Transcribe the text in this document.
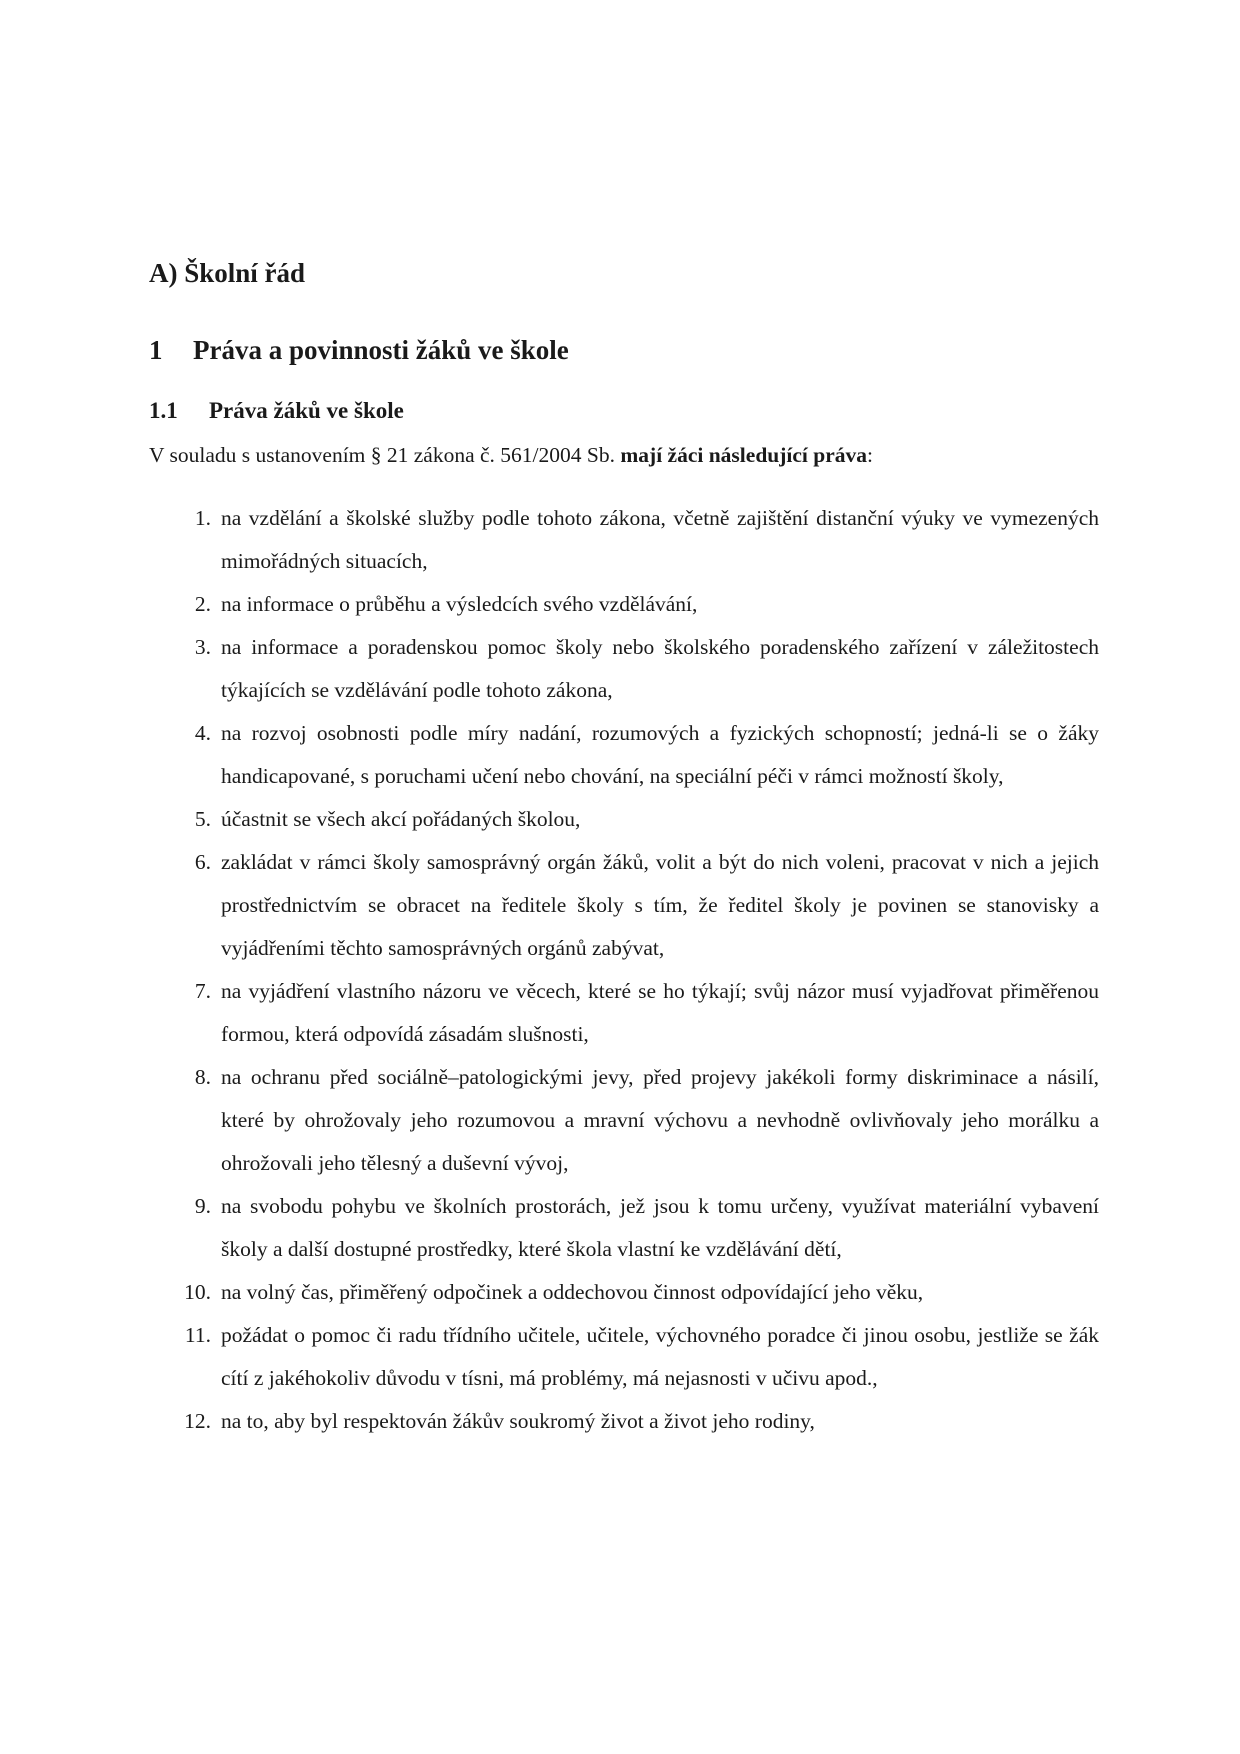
A) Školní řád
1	Práva a povinnosti žáků ve škole
1.1	Práva žáků ve škole

V souladu s ustanovením § 21 zákona č. 561/2004 Sb. mají žáci následující práva:

1. na vzdělání a školské služby podle tohoto zákona, včetně zajištění distanční výuky ve vymezených mimořádných situacích,
2. na informace o průběhu a výsledcích svého vzdělávání,
3. na informace a poradenskou pomoc školy nebo školského poradenského zařízení v záležitostech týkajících se vzdělávání podle tohoto zákona,
4. na rozvoj osobnosti podle míry nadání, rozumových a fyzických schopností; jedná-li se o žáky handicapované, s poruchami učení nebo chování, na speciální péči v rámci možností školy,
5. účastnit se všech akcí pořádaných školou,
6. zakládat v rámci školy samosprávný orgán žáků, volit a být do nich voleni, pracovat v nich a jejich prostřednictvím se obracet na ředitele školy s tím, že ředitel školy je povinen se stanovisky a vyjádřeními těchto samosprávných orgánů zabývat,
7. na vyjádření vlastního názoru ve věcech, které se ho týkají; svůj názor musí vyjadřovat přiměřenou formou, která odpovídá zásadám slušnosti,
8. na ochranu před sociálně–patologickými jevy, před projevy jakékoli formy diskriminace a násilí, které by ohrožovaly jeho rozumovou a mravní výchovu a nevhodně ovlivňovaly jeho morálku a ohrožovali jeho tělesný a duševní vývoj,
9. na svobodu pohybu ve školních prostorách, jež jsou k tomu určeny, využívat materiální vybavení školy a další dostupné prostředky, které škola vlastní ke vzdělávání dětí,
10. na volný čas, přiměřený odpočinek a oddechovou činnost odpovídající jeho věku,
11. požádat o pomoc či radu třídního učitele, učitele, výchovného poradce či jinou osobu, jestliže se žák cítí z jakéhokoliv důvodu v tísni, má problémy, má nejasnosti v učivu apod.,
12. na to, aby byl respektován žákův soukromý život a život jeho rodiny,
